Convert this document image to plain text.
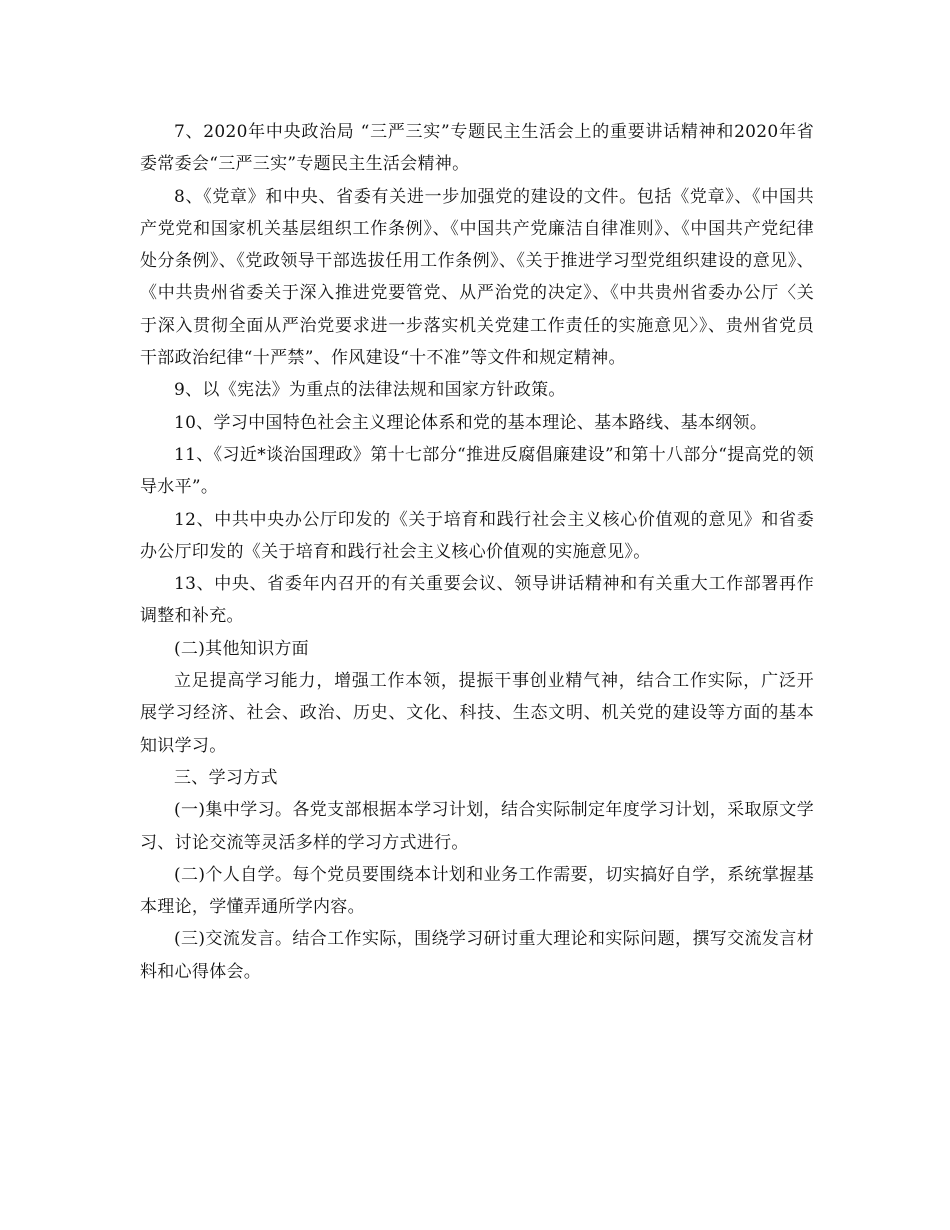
7、2020年中央政治局 “三严三实”专题民主生活会上的重要讲话精神和2020年省委常委会“三严三实”专题民主生活会精神。

8、《党章》和中央、省委有关进一步加强党的建设的文件。包括《党章》、《中国共产党党和国家机关基层组织工作条例》、《中国共产党廉洁自律准则》、《中国共产党纪律处分条例》、《党政领导干部选拔任用工作条例》、《关于推进学习型党组织建设的意见》、《中共贵州省委关于深入推进党要管党、从严治党的决定》、《中共贵州省委办公厅〈关于深入贯彻全面从严治党要求进一步落实机关党建工作责任的实施意见〉》、贵州省党员干部政治纪律“十严禁”、作风建设“十不准”等文件和规定精神。

9、以《宪法》为重点的法律法规和国家方针政策。

10、学习中国特色社会主义理论体系和党的基本理论、基本路线、基本纲领。

11、《习近*谈治国理政》第十七部分“推进反腐倡廉建设”和第十八部分“提高党的领导水平”。

12、中共中央办公厅印发的《关于培育和践行社会主义核心价值观的意见》和省委办公厅印发的《关于培育和践行社会主义核心价值观的实施意见》。

13、中央、省委年内召开的有关重要会议、领导讲话精神和有关重大工作部署再作调整和补充。

(二)其他知识方面

立足提高学习能力，增强工作本领，提振干事创业精气神，结合工作实际，广泛开展学习经济、社会、政治、历史、文化、科技、生态文明、机关党的建设等方面的基本知识学习。

三、学习方式

(一)集中学习。各党支部根据本学习计划，结合实际制定年度学习计划，采取原文学习、讨论交流等灵活多样的学习方式进行。

(二)个人自学。每个党员要围绕本计划和业务工作需要，切实搞好自学，系统掌握基本理论，学懂弄通所学内容。

(三)交流发言。结合工作实际，围绕学习研讨重大理论和实际问题，撰写交流发言材料和心得体会。
